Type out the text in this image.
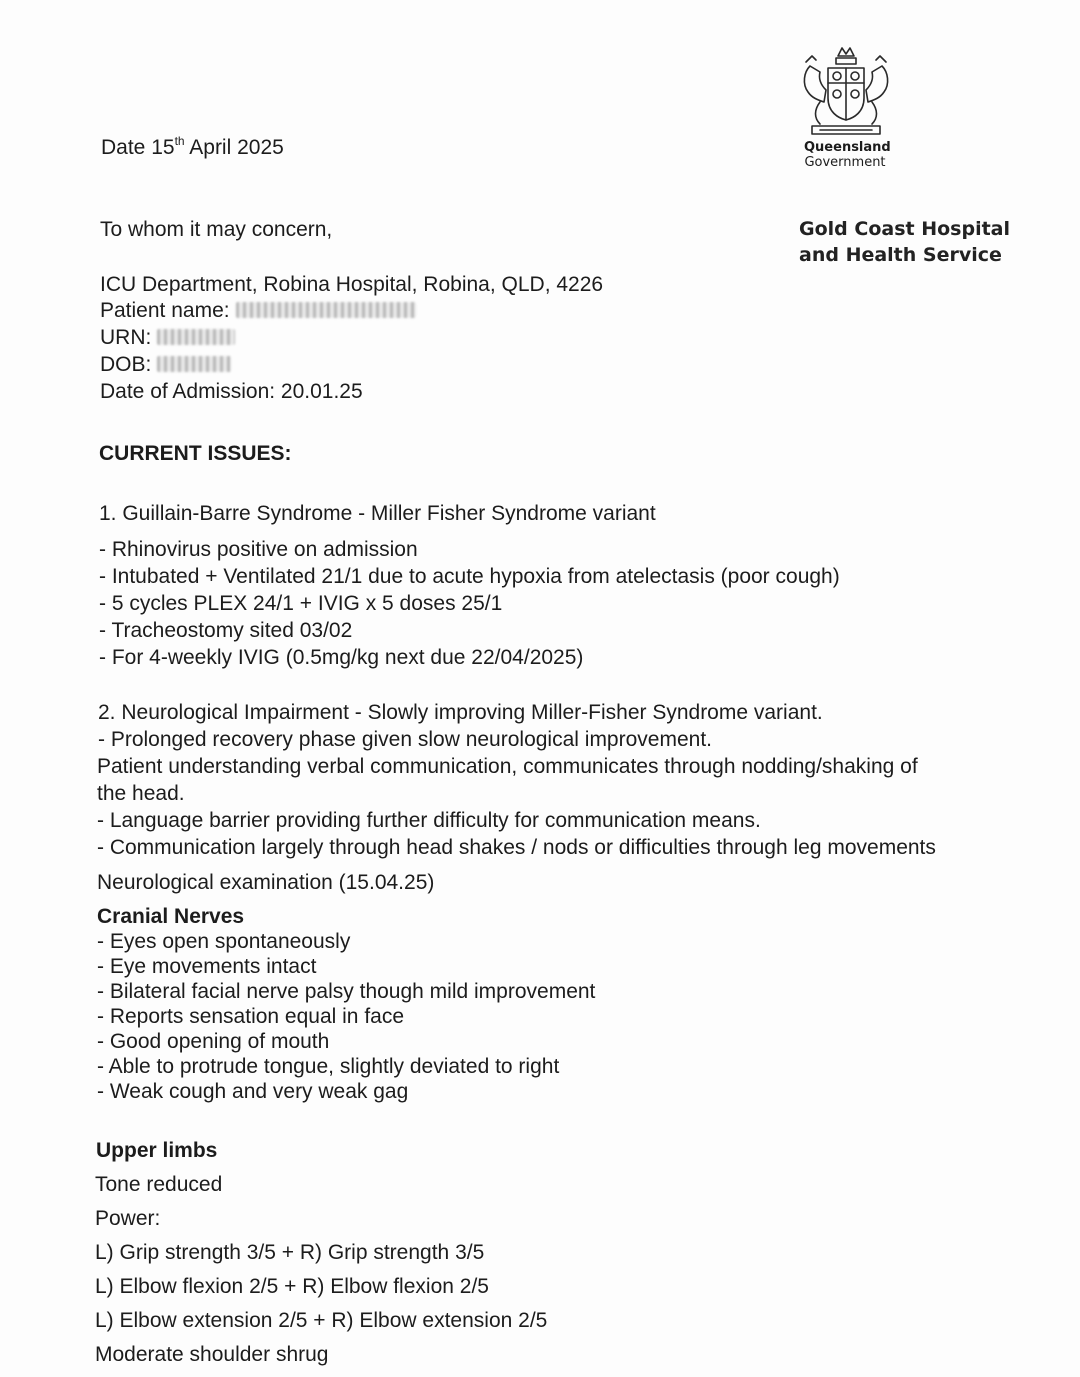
Queensland
Government
Gold Coast Hospital
and Health Service
Date 15th April 2025
To whom it may concern,
ICU Department, Robina Hospital, Robina, QLD, 4226
Patient name:
URN:
DOB:
Date of Admission: 20.01.25
CURRENT ISSUES:
1. Guillain-Barre Syndrome - Miller Fisher Syndrome variant
- Rhinovirus positive on admission
- Intubated + Ventilated 21/1 due to acute hypoxia from atelectasis (poor cough)
- 5 cycles PLEX 24/1 + IVIG x 5 doses 25/1
- Tracheostomy sited 03/02
- For 4-weekly IVIG (0.5mg/kg next due 22/04/2025)
2. Neurological Impairment - Slowly improving Miller-Fisher Syndrome variant.
- Prolonged recovery phase given slow neurological improvement.
Patient understanding verbal communication, communicates through nodding/shaking of
the head.
- Language barrier providing further difficulty for communication means.
- Communication largely through head shakes / nods or difficulties through leg movements
Neurological examination (15.04.25)
Cranial Nerves
- Eyes open spontaneously
- Eye movements intact
- Bilateral facial nerve palsy though mild improvement
- Reports sensation equal in face
- Good opening of mouth
- Able to protrude tongue, slightly deviated to right
- Weak cough and very weak gag
Upper limbs
Tone reduced
Power:
L) Grip strength 3/5 + R) Grip strength 3/5
L) Elbow flexion 2/5 + R) Elbow flexion 2/5
L) Elbow extension 2/5 + R) Elbow extension 2/5
Moderate shoulder shrug
